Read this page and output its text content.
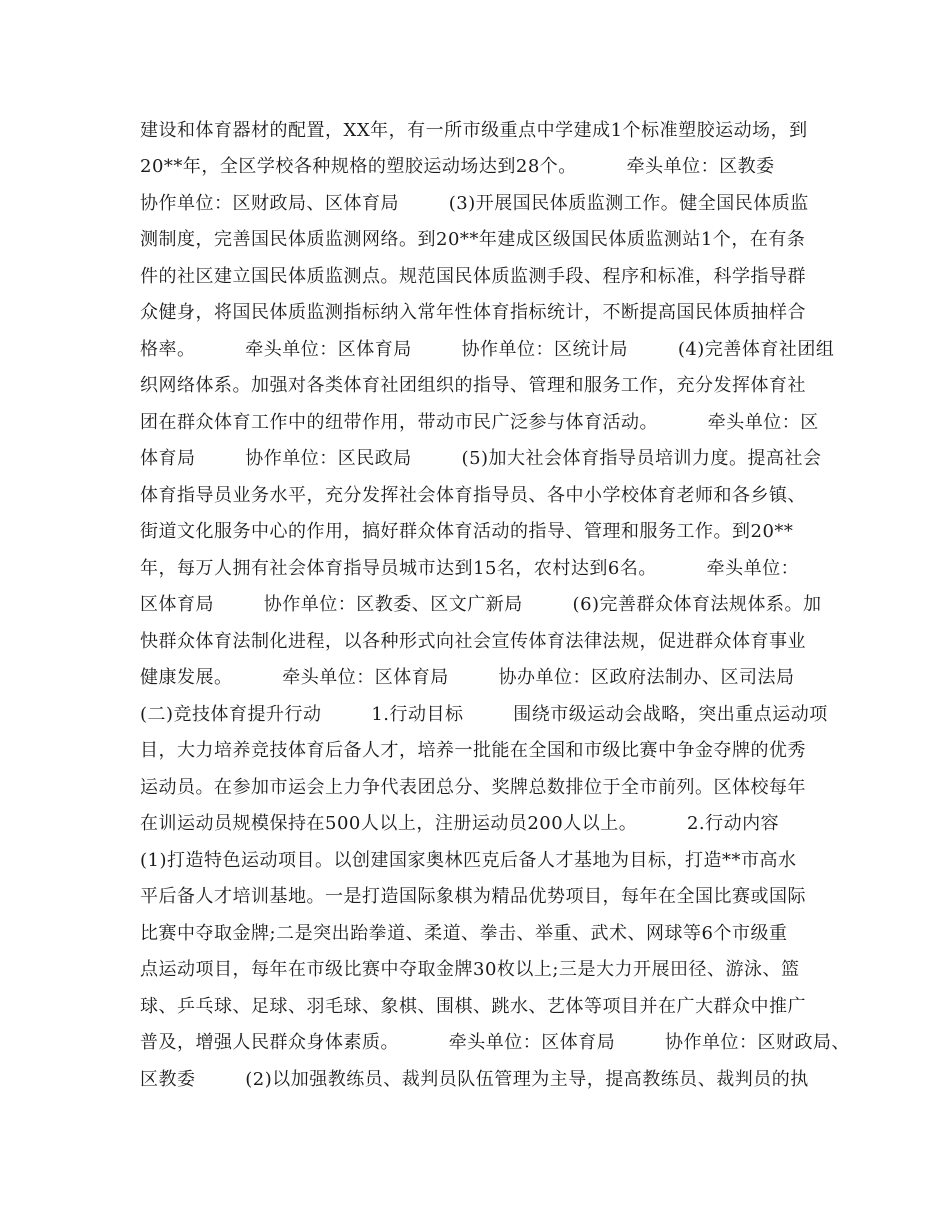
建设和体育器材的配置，XX年，有一所市级重点中学建成1个标准塑胶运动场，到
20**年，全区学校各种规格的塑胶运动场达到28个。        牵头单位：区教委
协作单位：区财政局、区体育局        (3)开展国民体质监测工作。健全国民体质监
测制度，完善国民体质监测网络。到20**年建成区级国民体质监测站1个，在有条
件的社区建立国民体质监测点。规范国民体质监测手段、程序和标准，科学指导群
众健身，将国民体质监测指标纳入常年性体育指标统计，不断提高国民体质抽样合
格率。        牵头单位：区体育局        协作单位：区统计局        (4)完善体育社团组
织网络体系。加强对各类体育社团组织的指导、管理和服务工作，充分发挥体育社
团在群众体育工作中的纽带作用，带动市民广泛参与体育活动。        牵头单位：区
体育局        协作单位：区民政局        (5)加大社会体育指导员培训力度。提高社会
体育指导员业务水平，充分发挥社会体育指导员、各中小学校体育老师和各乡镇、
街道文化服务中心的作用，搞好群众体育活动的指导、管理和服务工作。到20**
年，每万人拥有社会体育指导员城市达到15名，农村达到6名。        牵头单位：
区体育局        协作单位：区教委、区文广新局        (6)完善群众体育法规体系。加
快群众体育法制化进程，以各种形式向社会宣传体育法律法规，促进群众体育事业
健康发展。        牵头单位：区体育局        协办单位：区政府法制办、区司法局
(二)竞技体育提升行动        1.行动目标        围绕市级运动会战略，突出重点运动项
目，大力培养竞技体育后备人才，培养一批能在全国和市级比赛中争金夺牌的优秀
运动员。在参加市运会上力争代表团总分、奖牌总数排位于全市前列。区体校每年
在训运动员规模保持在500人以上，注册运动员200人以上。        2.行动内容
(1)打造特色运动项目。以创建国家奥林匹克后备人才基地为目标，打造**市高水
平后备人才培训基地。一是打造国际象棋为精品优势项目，每年在全国比赛或国际
比赛中夺取金牌;二是突出跆拳道、柔道、拳击、举重、武术、网球等6个市级重
点运动项目，每年在市级比赛中夺取金牌30枚以上;三是大力开展田径、游泳、篮
球、乒乓球、足球、羽毛球、象棋、围棋、跳水、艺体等项目并在广大群众中推广
普及，增强人民群众身体素质。        牵头单位：区体育局        协作单位：区财政局、
区教委        (2)以加强教练员、裁判员队伍管理为主导，提高教练员、裁判员的执
